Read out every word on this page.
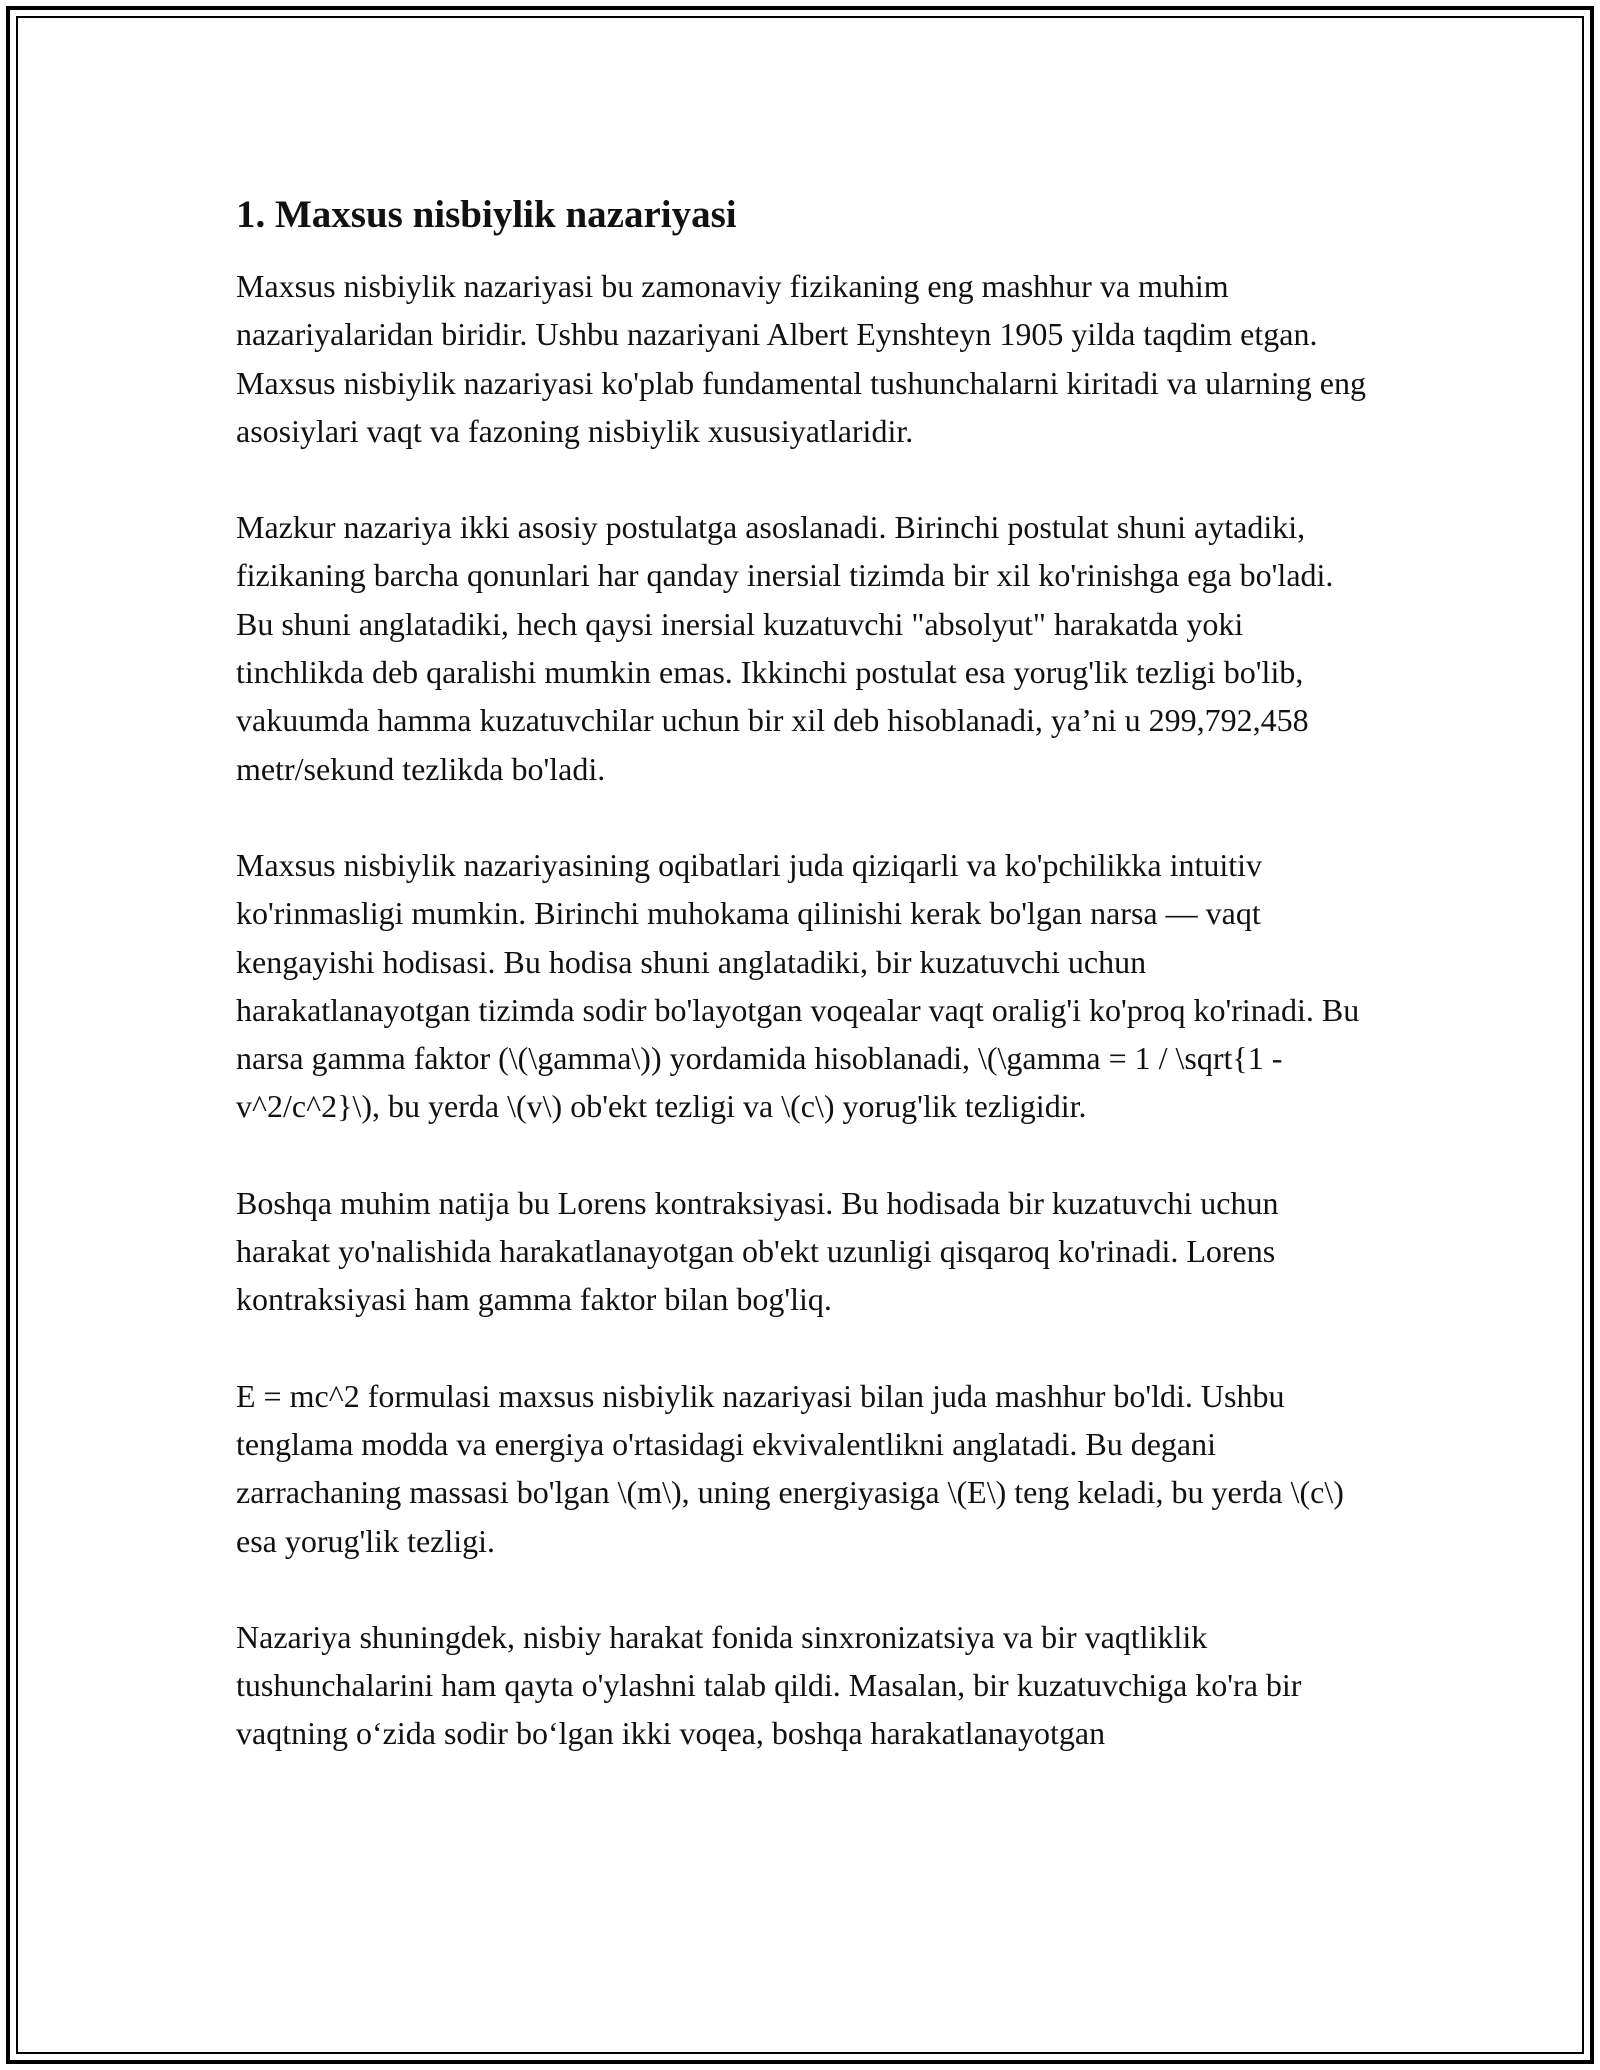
1. Maxsus nisbiylik nazariyasi

Maxsus nisbiylik nazariyasi bu zamonaviy fizikaning eng mashhur va muhim nazariyalaridan biridir. Ushbu nazariyani Albert Eynshteyn 1905 yilda taqdim etgan. Maxsus nisbiylik nazariyasi ko'plab fundamental tushunchalarni kiritadi va ularning eng asosiylari vaqt va fazoning nisbiylik xususiyatlaridir.

Mazkur nazariya ikki asosiy postulatga asoslanadi. Birinchi postulat shuni aytadiki, fizikaning barcha qonunlari har qanday inersial tizimda bir xil ko'rinishga ega bo'ladi. Bu shuni anglatadiki, hech qaysi inersial kuzatuvchi "absolyut" harakatda yoki tinchlikda deb qaralishi mumkin emas. Ikkinchi postulat esa yorug'lik tezligi bo'lib, vakuumda hamma kuzatuvchilar uchun bir xil deb hisoblanadi, ya’ni u 299,792,458 metr/sekund tezlikda bo'ladi.

Maxsus nisbiylik nazariyasining oqibatlari juda qiziqarli va ko'pchilikka intuitiv ko'rinmasligi mumkin. Birinchi muhokama qilinishi kerak bo'lgan narsa — vaqt kengayishi hodisasi. Bu hodisa shuni anglatadiki, bir kuzatuvchi uchun harakatlanayotgan tizimda sodir bo'layotgan voqealar vaqt oralig'i ko'proq ko'rinadi. Bu narsa gamma faktor (\(\gamma\)) yordamida hisoblanadi, \(\gamma = 1 / \sqrt{1 - v^2/c^2}\), bu yerda \(v\) ob'ekt tezligi va \(c\) yorug'lik tezligidir.

Boshqa muhim natija bu Lorens kontraksiyasi. Bu hodisada bir kuzatuvchi uchun harakat yo'nalishida harakatlanayotgan ob'ekt uzunligi qisqaroq ko'rinadi. Lorens kontraksiyasi ham gamma faktor bilan bog'liq.

E = mc^2 formulasi maxsus nisbiylik nazariyasi bilan juda mashhur bo'ldi. Ushbu tenglama modda va energiya o'rtasidagi ekvivalentlikni anglatadi. Bu degani zarrachaning massasi bo'lgan \(m\), uning energiyasiga \(E\) teng keladi, bu yerda \(c\) esa yorug'lik tezligi.

Nazariya shuningdek, nisbiy harakat fonida sinxronizatsiya va bir vaqtliklik tushunchalarini ham qayta o'ylashni talab qildi. Masalan, bir kuzatuvchiga ko'ra bir vaqtning o‘zida sodir bo‘lgan ikki voqea, boshqa harakatlanayotgan
